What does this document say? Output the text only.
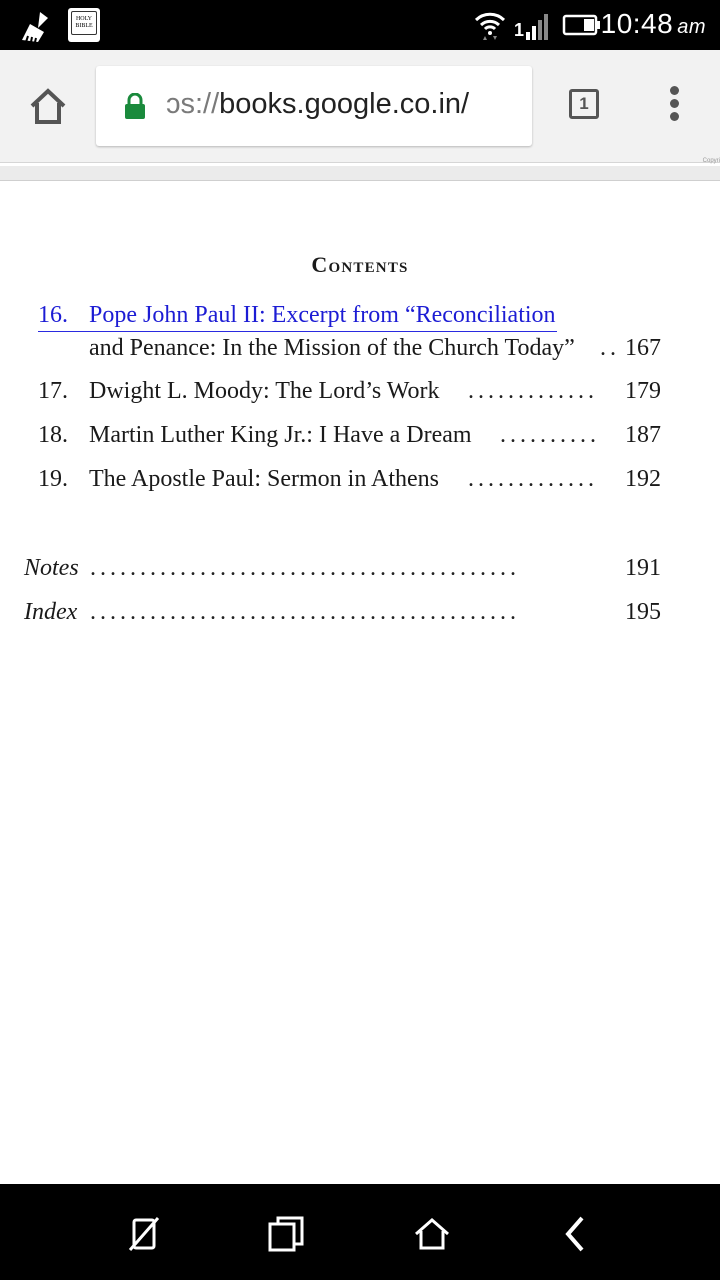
HOLY
BIBLE	1	10:48 am
ɔs://books.google.co.in/	1
Copyri
Contents
16. Pope John Paul II: Excerpt from “Reconciliation
and Penance: In the Mission of the Church Today” .. 167
17. Dwight L. Moody: The Lord’s Work ............. 179
18. Martin Luther King Jr.: I Have a Dream .......... 187
19. The Apostle Paul: Sermon in Athens ............. 192
Notes ...........................................	191
Index ...........................................	195
